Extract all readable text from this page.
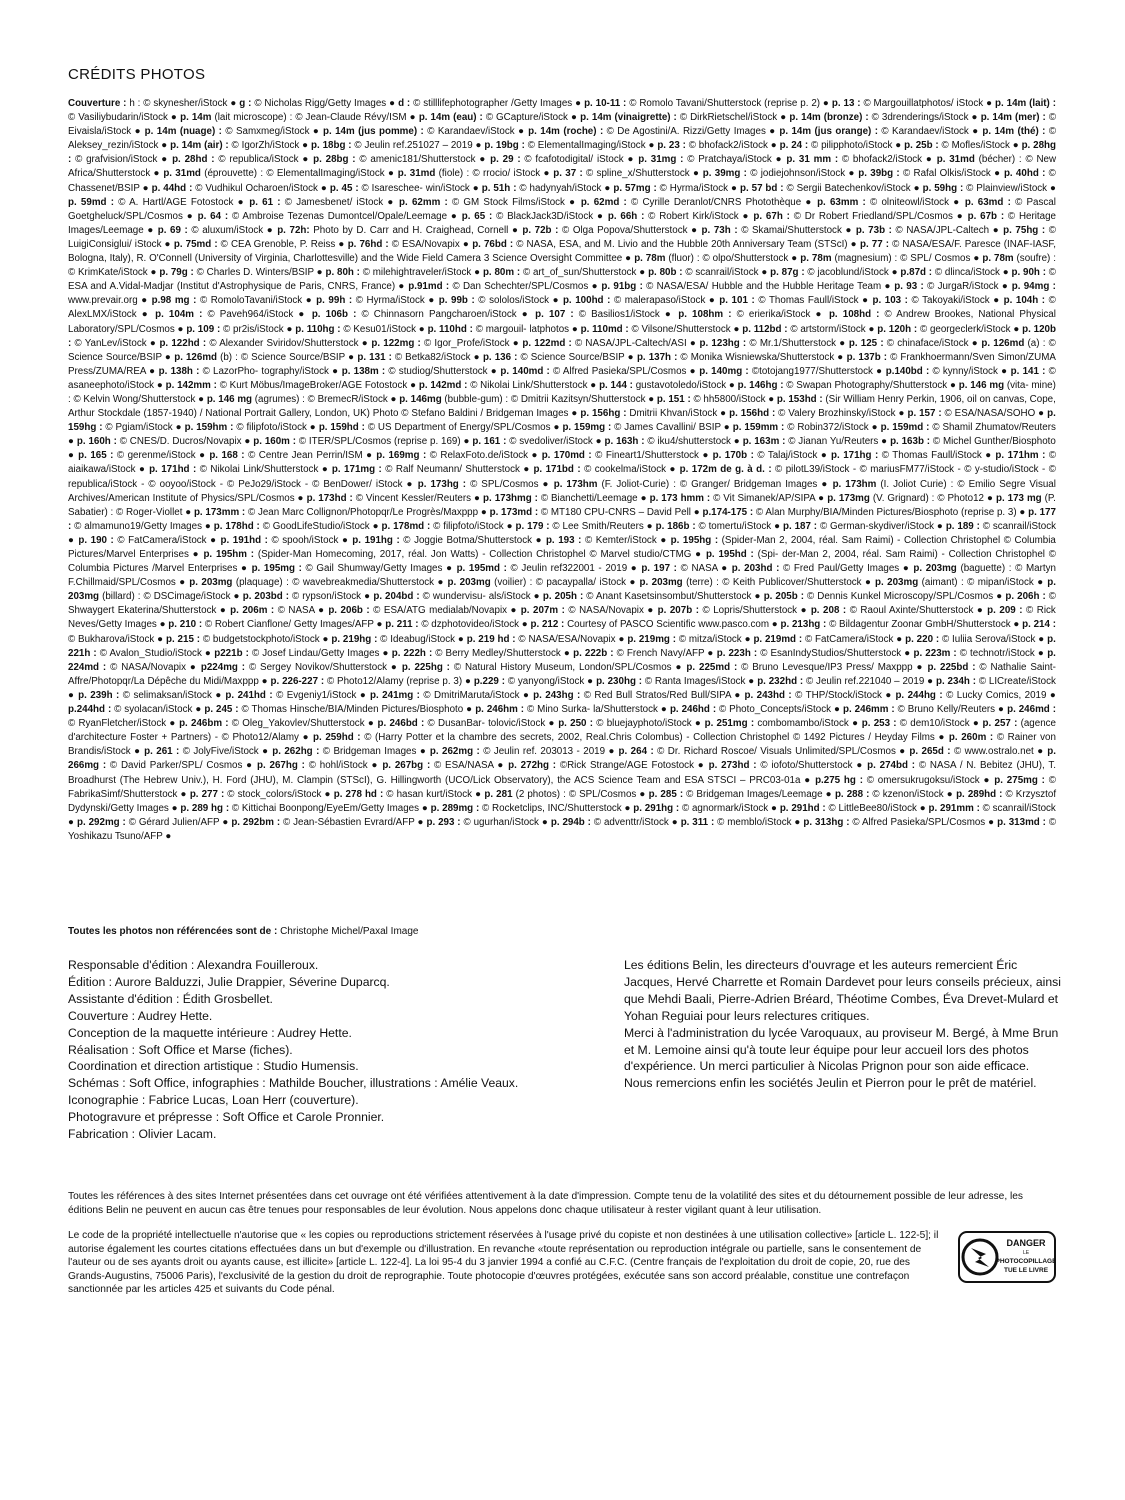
CRÉDITS PHOTOS

Couverture : h : © skynesher/iStock ● g : © Nicholas Rigg/Getty Images ● d : © stilllifephotographer /Getty Images ● p. 10-11 : © Romolo Tavani/Shutterstock (reprise p. 2) ● p. 13 : © Margouillatphotos/ iStock ● p. 14m (lait) : © Vasiliybudarin/iStock ● p. 14m (lait microscope) : © Jean-Claude Révy/ISM ● p. 14m (eau) : © GCapture/iStock ● p. 14m (vinaigrette) : © DirkRietschel/iStock ● p. 14m (bronze) : © 3drenderings/iStock ● p. 14m (mer) : © Eivaisla/iStock ● p. 14m (nuage) : © Samxmeg/iStock ● p. 14m (jus pomme) : © Karandaev/iStock ● p. 14m (roche) : © De Agostini/A. Rizzi/Getty Images ● p. 14m (jus orange) : © Karandaev/iStock ● p. 14m (thé) : © Aleksey_rezin/iStock ● p. 14m (air) : © IgorZh/iStock ● p. 18bg : © Jeulin ref.251027 – 2019 ● p. 19bg : © ElementalImaging/iStock ● p. 23 : © bhofack2/iStock ● p. 24 : © pilipphoto/iStock ● p. 25b : © Mofles/iStock ● p. 28hg : © grafvision/iStock ● p. 28hd : © republica/iStock ● p. 28bg : © amenic181/Shutterstock ● p. 29 : © fcafotodigital/ iStock ● p. 31mg : © Pratchaya/iStock ● p. 31 mm : © bhofack2/iStock ● p. 31md (bécher) : © New Africa/Shutterstock ● p. 31md (éprouvette) : © ElementalImaging/iStock ● p. 31md (fiole) : © rrocio/ iStock ● p. 37 : © spline_x/Shutterstock ● p. 39mg : © jodiejohnson/iStock ● p. 39bg : © Rafal Olkis/iStock ● p. 40hd : © Chassenet/BSIP ● p. 44hd : © Vudhikul Ocharoen/iStock ● p. 45 : © Isareschee- win/iStock ● p. 51h : © hadynyah/iStock ● p. 57mg : © Hyrma/iStock ● p. 57 bd : © Sergii Batechenkov/iStock ● p. 59hg : © Plainview/iStock ● p. 59md : © A. Hartl/AGE Fotostock ● p. 61 : © Jamesbenet/ iStock ● p. 62mm : © GM Stock Films/iStock ● p. 62md : © Cyrille Deranlot/CNRS Photothèque ● p. 63mm : © olniteowl/iStock ● p. 63md : © Pascal Goetgheluck/SPL/Cosmos ● p. 64 : © Ambroise Tezenas Dumontcel/Opale/Leemage ● p. 65 : © BlackJack3D/iStock ● p. 66h : © Robert Kirk/iStock ● p. 67h : © Dr Robert Friedland/SPL/Cosmos ● p. 67b : © Heritage Images/Leemage ● p. 69 : © aluxum/iStock ● p. 72h: Photo by D. Carr and H. Craighead, Cornell ● p. 72b : © Olga Popova/Shutterstock ● p. 73h : © Skamai/Shutterstock ● p. 73b : © NASA/JPL-Caltech ● p. 75hg : © LuigiConsiglui/ iStock ● p. 75md : © CEA Grenoble, P. Reiss ● p. 76hd : © ESA/Novapix ● p. 76bd : © NASA, ESA, and M. Livio and the Hubble 20th Anniversary Team (STScI) ● p. 77 : © NASA/ESA/F. Paresce (INAF-IASF, Bologna, Italy), R. O'Connell (University of Virginia, Charlottesville) and the Wide Field Camera 3 Science Oversight Committee ● p. 78m (fluor) : © olpo/Shutterstock ● p. 78m (magnesium) : © SPL/ Cosmos ● p. 78m (soufre) : © KrimKate/iStock ● p. 79g : © Charles D. Winters/BSIP ● p. 80h : © milehightraveler/iStock ● p. 80m : © art_of_sun/Shutterstock ● p. 80b : © scanrail/iStock ● p. 87g : © jacoblund/iStock ● p.87d : © dlinca/iStock ● p. 90h : © ESA and A.Vidal-Madjar (Institut d'Astrophysique de Paris, CNRS, France) ● p.91md : © Dan Schechter/SPL/Cosmos ● p. 91bg : © NASA/ESA/ Hubble and the Hubble Heritage Team ● p. 93 : © JurgaR/iStock ● p. 94mg : www.prevair.org ● p.98 mg : © RomoloTavani/iStock ● p. 99h : © Hyrma/iStock ● p. 99b : © sololos/iStock ● p. 100hd : © malerapaso/iStock ● p. 101 : © Thomas Faull/iStock ● p. 103 : © Takoyaki/iStock ● p. 104h : © AlexLMX/iStock ● p. 104m : © Paveh964/iStock ● p. 106b : © Chinnasorn Pangcharoen/iStock ● p. 107 : © Basilios1/iStock ● p. 108hm : © erierika/iStock ● p. 108hd : © Andrew Brookes, National Physical Laboratory/SPL/Cosmos ● p. 109 : © pr2is/iStock ● p. 110hg : © Kesu01/iStock ● p. 110hd : © margouil- latphotos ● p. 110md : © Vilsone/Shutterstock ● p. 112bd : © artstorm/iStock ● p. 120h : © georgeclerk/iStock ● p. 120b : © YanLev/iStock ● p. 122hd : © Alexander Sviridov/Shutterstock ● p. 122mg : © Igor_Profe/iStock ● p. 122md : © NASA/JPL-Caltech/ASI ● p. 123hg : © Mr.1/Shutterstock ● p. 125 : © chinaface/iStock ● p. 126md (a) : © Science Source/BSIP ● p. 126md (b) : © Science Source/BSIP ● p. 131 : © Betka82/iStock ● p. 136 : © Science Source/BSIP ● p. 137h : © Monika Wisniewska/Shutterstock ● p. 137b : © Frankhoermann/Sven Simon/ZUMA Press/ZUMA/REA ● p. 138h : © LazorPho- tography/iStock ● p. 138m : © studiog/Shutterstock ● p. 140md : © Alfred Pasieka/SPL/Cosmos ● p. 140mg : ©totojang1977/Shutterstock ● p.140bd : © kynny/iStock ● p. 141 : © asaneephoto/iStock ● p. 142mm : © Kurt Möbus/ImageBroker/AGE Fotostock ● p. 142md : © Nikolai Link/Shutterstock ● p. 144 : gustavotoledo/iStock ● p. 146hg : © Swapan Photography/Shutterstock ● p. 146 mg (vita- mine) : © Kelvin Wong/Shutterstock ● p. 146 mg (agrumes) : © BremecR/iStock ● p. 146mg (bubble-gum) : © Dmitrii Kazitsyn/Shutterstock ● p. 151 : © hh5800/iStock ● p. 153hd : (Sir William Henry Perkin, 1906, oil on canvas, Cope, Arthur Stockdale (1857-1940) / National Portrait Gallery, London, UK) Photo © Stefano Baldini / Bridgeman Images ● p. 156hg : Dmitrii Khvan/iStock ● p. 156hd : © Valery Brozhinsky/iStock ● p. 157 : © ESA/NASA/SOHO ● p. 159hg : © Pgiam/iStock ● p. 159hm : © filipfoto/iStock ● p. 159hd : © US Department of Energy/SPL/Cosmos ● p. 159mg : © James Cavallini/ BSIP ● p. 159mm : © Robin372/iStock ● p. 159md : © Shamil Zhumatov/Reuters ● p. 160h : © CNES/D. Ducros/Novapix ● p. 160m : © ITER/SPL/Cosmos (reprise p. 169) ● p. 161 : © svedoliver/iStock ● p. 163h : © iku4/shutterstock ● p. 163m : © Jianan Yu/Reuters ● p. 163b : © Michel Gunther/Biosphoto ● p. 165 : © gerenme/iStock ● p. 168 : © Centre Jean Perrin/ISM ● p. 169mg : © RelaxFoto.de/iStock ● p. 170md : © Fineart1/Shutterstock ● p. 170b : © Talaj/iStock ● p. 171hg : © Thomas Faull/iStock ● p. 171hm : © aiaikawa/iStock ● p. 171hd : © Nikolai Link/Shutterstock ● p. 171mg : © Ralf Neumann/ Shutterstock ● p. 171bd : © cookelma/iStock ● p. 172m de g. à d. : © pilotL39/iStock - © mariusFM77/iStock - © y-studio/iStock - © republica/iStock - © ooyoo/iStock - © PeJo29/iStock - © BenDower/ iStock ● p. 173hg : © SPL/Cosmos ● p. 173hm (F. Joliot-Curie) : © Granger/ Bridgeman Images ● p. 173hm (I. Joliot Curie) : © Emilio Segre Visual Archives/American Institute of Physics/SPL/Cosmos ● p. 173hd : © Vincent Kessler/Reuters ● p. 173hmg : © Bianchetti/Leemage ● p. 173 hmm : © Vit Simanek/AP/SIPA ● p. 173mg (V. Grignard) : © Photo12 ● p. 173 mg (P. Sabatier) : © Roger-Viollet ● p. 173mm : © Jean Marc Collignon/Photopqr/Le Progrès/Maxppp ● p. 173md : © MT180 CPU-CNRS – David Pell ● p.174-175 : © Alan Murphy/BIA/Minden Pictures/Biosphoto (reprise p. 3) ● p. 177 : © almamuno19/Getty Images ● p. 178hd : © GoodLifeStudio/iStock ● p. 178md : © filipfoto/iStock ● p. 179 : © Lee Smith/Reuters ● p. 186b : © tomertu/iStock ● p. 187 : © German-skydiver/iStock ● p. 189 : © scanrail/iStock ● p. 190 : © FatCamera/iStock ● p. 191hd : © spooh/iStock ● p. 191hg : © Joggie Botma/Shutterstock ● p. 193 : © Kemter/iStock ● p. 195hg : (Spider-Man 2, 2004, réal. Sam Raimi) - Collection Christophel © Columbia Pictures/Marvel Enterprises ● p. 195hm : (Spider-Man Homecoming, 2017, réal. Jon Watts) - Collection Christophel © Marvel studio/CTMG ● p. 195hd : (Spi- der-Man 2, 2004, réal. Sam Raimi) - Collection Christophel © Columbia Pictures /Marvel Enterprises ● p. 195mg : © Gail Shumway/Getty Images ● p. 195md : © Jeulin ref322001 - 2019 ● p. 197 : © NASA ● p. 203hd : © Fred Paul/Getty Images ● p. 203mg (baguette) : © Martyn F.Chillmaid/SPL/Cosmos ● p. 203mg (plaquage) : © wavebreakmedia/Shutterstock ● p. 203mg (voilier) : © pacaypalla/ iStock ● p. 203mg (terre) : © Keith Publicover/Shutterstock ● p. 203mg (aimant) : © mipan/iStock ● p. 203mg (billard) : © DSCimage/iStock ● p. 203bd : © rypson/iStock ● p. 204bd : © wundervisu- als/iStock ● p. 205h : © Anant Kasetsinsombut/Shutterstock ● p. 205b : © Dennis Kunkel Microscopy/SPL/Cosmos ● p. 206h : © Shwaygert Ekaterina/Shutterstock ● p. 206m : © NASA ● p. 206b : © ESA/ATG medialab/Novapix ● p. 207m : © NASA/Novapix ● p. 207b : © Lopris/Shutterstock ● p. 208 : © Raoul Axinte/Shutterstock ● p. 209 : © Rick Neves/Getty Images ● p. 210 : © Robert Cianflone/ Getty Images/AFP ● p. 211 : © dzphotovideo/iStock ● p. 212 : Courtesy of PASCO Scientific www.pasco.com ● p. 213hg : © Bildagentur Zoonar GmbH/Shutterstock ● p. 214 : © Bukharova/iStock ● p. 215 : © budgetstockphoto/iStock ● p. 219hg : © Ideabug/iStock ● p. 219 hd : © NASA/ESA/Novapix ● p. 219mg : © mitza/iStock ● p. 219md : © FatCamera/iStock ● p. 220 : © Iuliia Serova/iStock ● p. 221h : © Avalon_Studio/iStock ● p221b : © Josef Lindau/Getty Images ● p. 222h : © Berry Medley/Shutterstock ● p. 222b : © French Navy/AFP ● p. 223h : © EsanIndyStudios/Shutterstock ● p. 223m : © technotr/iStock ● p. 224md : © NASA/Novapix ● p224mg : © Sergey Novikov/Shutterstock ● p. 225hg : © Natural History Museum, London/SPL/Cosmos ● p. 225md : © Bruno Levesque/IP3 Press/ Maxppp ● p. 225bd : © Nathalie Saint-Affre/Photopqr/La Dépêche du Midi/Maxppp ● p. 226-227 : © Photo12/Alamy (reprise p. 3) ● p.229 : © yanyong/iStock ● p. 230hg : © Ranta Images/iStock ● p. 232hd : © Jeulin ref.221040 – 2019 ● p. 234h : © LICreate/iStock ● p. 239h : © selimaksan/iStock ● p. 241hd : © Evgeniy1/iStock ● p. 241mg : © DmitriMaruta/iStock ● p. 243hg : © Red Bull Stratos/Red Bull/SIPA ● p. 243hd : © THP/Stock/iStock ● p. 244hg : © Lucky Comics, 2019 ● p.244hd : © syolacan/iStock ● p. 245 : © Thomas Hinsche/BIA/Minden Pictures/Biosphoto ● p. 246hm : © Mino Surka- la/Shutterstock ● p. 246hd : © Photo_Concepts/iStock ● p. 246mm : © Bruno Kelly/Reuters ● p. 246md : © RyanFletcher/iStock ● p. 246bm : © Oleg_Yakovlev/Shutterstock ● p. 246bd : © DusanBar- tolovic/iStock ● p. 250 : © bluejayphoto/iStock ● p. 251mg : combomambo/iStock ● p. 253 : © dem10/iStock ● p. 257 : (agence d'architecture Foster + Partners) - © Photo12/Alamy ● p. 259hd : © (Harry Potter et la chambre des secrets, 2002, Real.Chris Colombus) - Collection Christophel © 1492 Pictures / Heyday Films ● p. 260m : © Rainer von Brandis/iStock ● p. 261 : © JolyFive/iStock ● p. 262hg : © Bridgeman Images ● p. 262mg : © Jeulin ref. 203013 - 2019 ● p. 264 : © Dr. Richard Roscoe/ Visuals Unlimited/SPL/Cosmos ● p. 265d : © www.ostralo.net ● p. 266mg : © David Parker/SPL/ Cosmos ● p. 267hg : © hohl/iStock ● p. 267bg : © ESA/NASA ● p. 272hg : ©Rick Strange/AGE Fotostock ● p. 273hd : © iofoto/Shutterstock ● p. 274bd : © NASA / N. Bebitez (JHU), T. Broadhurst (The Hebrew Univ.), H. Ford (JHU), M. Clampin (STScI), G. Hillingworth (UCO/Lick Observatory), the ACS Science Team and ESA STSCI – PRC03-01a ● p.275 hg : © omersukrugoksu/iStock ● p. 275mg : © FabrikaSimf/Shutterstock ● p. 277 : © stock_colors/iStock ● p. 278 hd : © hasan kurt/iStock ● p. 281 (2 photos) : © SPL/Cosmos ● p. 285 : © Bridgeman Images/Leemage ● p. 288 : © kzenon/iStock ● p. 289hd : © Krzysztof Dydynski/Getty Images ● p. 289 hg : © Kittichai Boonpong/EyeEm/Getty Images ● p. 289mg : © Rocketclips, INC/Shutterstock ● p. 291hg : © agnormark/iStock ● p. 291hd : © LittleBee80/iStock ● p. 291mm : © scanrail/iStock ● p. 292mg : © Gérard Julien/AFP ● p. 292bm : © Jean-Sébastien Evrard/AFP ● p. 293 : © ugurhan/iStock ● p. 294b : © adventtr/iStock ● p. 311 : © memblo/iStock ● p. 313hg : © Alfred Pasieka/SPL/Cosmos ● p. 313md : © Yoshikazu Tsuno/AFP ●

Toutes les photos non référencées sont de : Christophe Michel/Paxal Image

Responsable d'édition : Alexandra Fouilleroux.
Édition : Aurore Balduzzi, Julie Drappier, Séverine Duparcq.
Assistante d'édition : Édith Grosbellet.
Couverture : Audrey Hette.
Conception de la maquette intérieure : Audrey Hette.
Réalisation : Soft Office et Marse (fiches).
Coordination et direction artistique : Studio Humensis.
Schémas : Soft Office, infographies : Mathilde Boucher, illustrations : Amélie Veaux.
Iconographie : Fabrice Lucas, Loan Herr (couverture).
Photogravure et prépresse : Soft Office et Carole Pronnier.
Fabrication : Olivier Lacam.
Les éditions Belin, les directeurs d'ouvrage et les auteurs remercient Éric Jacques, Hervé Charrette et Romain Dardevet pour leurs conseils précieux, ainsi que Mehdi Baali, Pierre-Adrien Bréard, Théotime Combes, Éva Drevet-Mulard et Yohan Reguiai pour leurs relectures critiques.
Merci à l'administration du lycée Varoquaux, au proviseur M. Bergé, à Mme Brun et M. Lemoine ainsi qu'à toute leur équipe pour leur accueil lors des photos d'expérience. Un merci particulier à Nicolas Prignon pour son aide efficace.
Nous remercions enfin les sociétés Jeulin et Pierron pour le prêt de matériel.

Toutes les références à des sites Internet présentées dans cet ouvrage ont été vérifiées attentivement à la date d'impression. Compte tenu de la volatilité des sites et du détournement possible de leur adresse, les éditions Belin ne peuvent en aucun cas être tenues pour responsables de leur évolution. Nous appelons donc chaque utilisateur à rester vigilant quant à leur utilisation.

Le code de la propriété intellectuelle n'autorise que « les copies ou reproductions strictement réservées à l'usage privé du copiste et non destinées à une utilisation collective» [article L. 122-5]; il autorise également les courtes citations effectuées dans un but d'exemple ou d'illustration. En revanche «toute représentation ou reproduction intégrale ou partielle, sans le consentement de l'auteur ou de ses ayants droit ou ayants cause, est illicite» [article L. 122-4]. La loi 95-4 du 3 janvier 1994 a confié au C.F.C. (Centre français de l'exploitation du droit de copie, 20, rue des Grands-Augustins, 75006 Paris), l'exclusivité de la gestion du droit de reprographie. Toute photocopie d'œuvres protégées, exécutée sans son accord préalable, constitue une contrefaçon sanctionnée par les articles 425 et suivants du Code pénal.

DANGER
LE
PHOTOCOPILLAGE
TUE LE LIVRE
